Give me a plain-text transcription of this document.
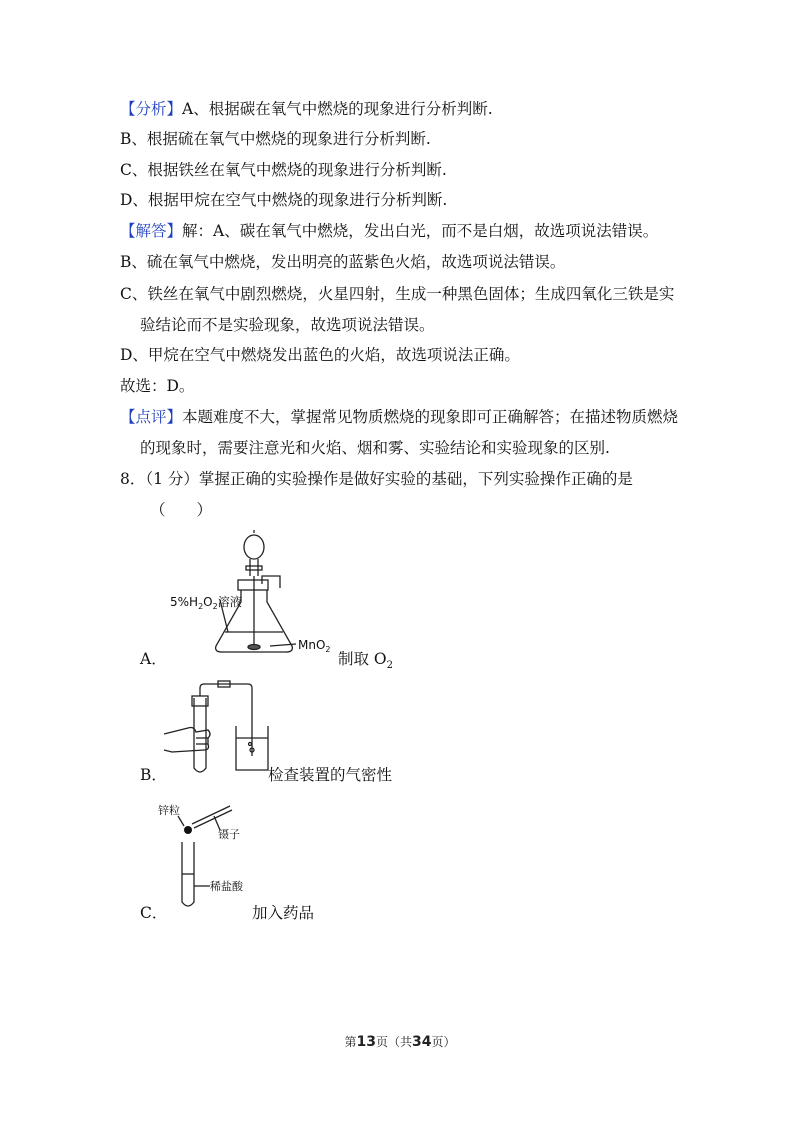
【分析】A、根据碳在氧气中燃烧的现象进行分析判断.
B、根据硫在氧气中燃烧的现象进行分析判断.
C、根据铁丝在氧气中燃烧的现象进行分析判断.
D、根据甲烷在空气中燃烧的现象进行分析判断.
【解答】解：A、碳在氧气中燃烧，发出白光，而不是白烟，故选项说法错误。
B、硫在氧气中燃烧，发出明亮的蓝紫色火焰，故选项说法错误。
C、铁丝在氧气中剧烈燃烧，火星四射，生成一种黑色固体；生成四氧化三铁是实
验结论而不是实验现象，故选项说法错误。
D、甲烷在空气中燃烧发出蓝色的火焰，故选项说法正确。
故选：D。
【点评】本题难度不大，掌握常见物质燃烧的现象即可正确解答；在描述物质燃烧
的现象时，需要注意光和火焰、烟和雾、实验结论和实验现象的区别.
8．（1 分）掌握正确的实验操作是做好实验的基础，下列实验操作正确的是
（　　）
A．
$5\%H_2O_2$溶液
MnO$_2$
制取 $O_2$
B．	检查装置的气密性
C．
锌粒
镊子
稀盐酸
加入药品
第13页（共34页）
